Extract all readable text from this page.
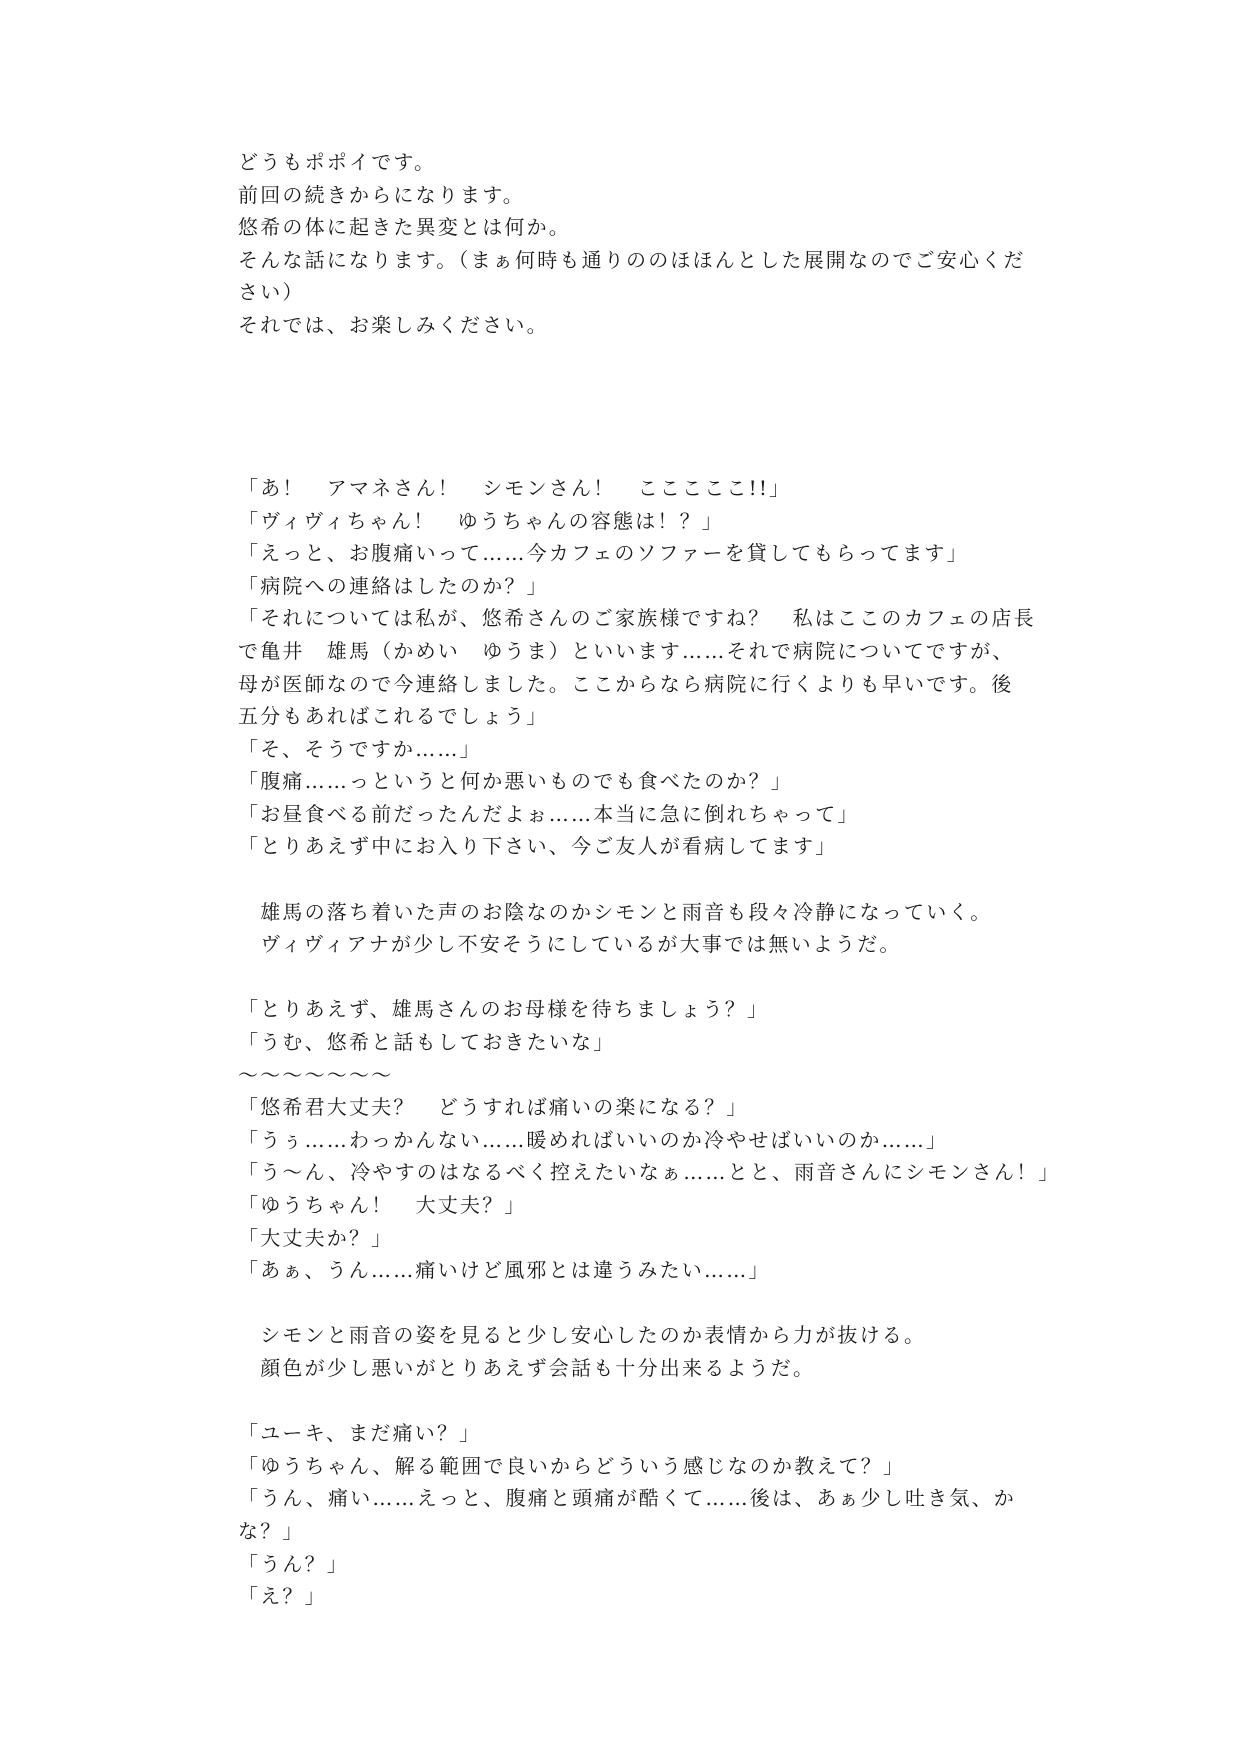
どうもポポイです。
前回の続きからになります。
悠希の体に起きた異変とは何か。
そんな話になります。（まぁ何時も通りののほほんとした展開なのでご安心くだ
さい）
それでは、お楽しみください。
「あ！　アマネさん！　シモンさん！　こここここ!!」
「ヴィヴィちゃん！　ゆうちゃんの容態は！？」
「えっと、お腹痛いって……今カフェのソファーを貸してもらってます」
「病院への連絡はしたのか？」
「それについては私が、悠希さんのご家族様ですね？　私はここのカフェの店長
で亀井　雄馬（かめい　ゆうま）といいます……それで病院についてですが、
母が医師なので今連絡しました。ここからなら病院に行くよりも早いです。後
五分もあればこれるでしょう」
「そ、そうですか……」
「腹痛……っというと何か悪いものでも食べたのか？」
「お昼食べる前だったんだよぉ……本当に急に倒れちゃって」
「とりあえず中にお入り下さい、今ご友人が看病してます」
　雄馬の落ち着いた声のお陰なのかシモンと雨音も段々冷静になっていく。
　ヴィヴィアナが少し不安そうにしているが大事では無いようだ。
「とりあえず、雄馬さんのお母様を待ちましょう？」
「うむ、悠希と話もしておきたいな」
〜〜〜〜〜〜〜
「悠希君大丈夫？　どうすれば痛いの楽になる？」
「うぅ……わっかんない……暖めればいいのか冷やせばいいのか……」
「う〜ん、冷やすのはなるべく控えたいなぁ……とと、雨音さんにシモンさん！」
「ゆうちゃん！　大丈夫？」
「大丈夫か？」
「あぁ、うん……痛いけど風邪とは違うみたい……」
　シモンと雨音の姿を見ると少し安心したのか表情から力が抜ける。
　顔色が少し悪いがとりあえず会話も十分出来るようだ。
「ユーキ、まだ痛い？」
「ゆうちゃん、解る範囲で良いからどういう感じなのか教えて？」
「うん、痛い……えっと、腹痛と頭痛が酷くて……後は、あぁ少し吐き気、か
な？」
「うん？」
「え？」
